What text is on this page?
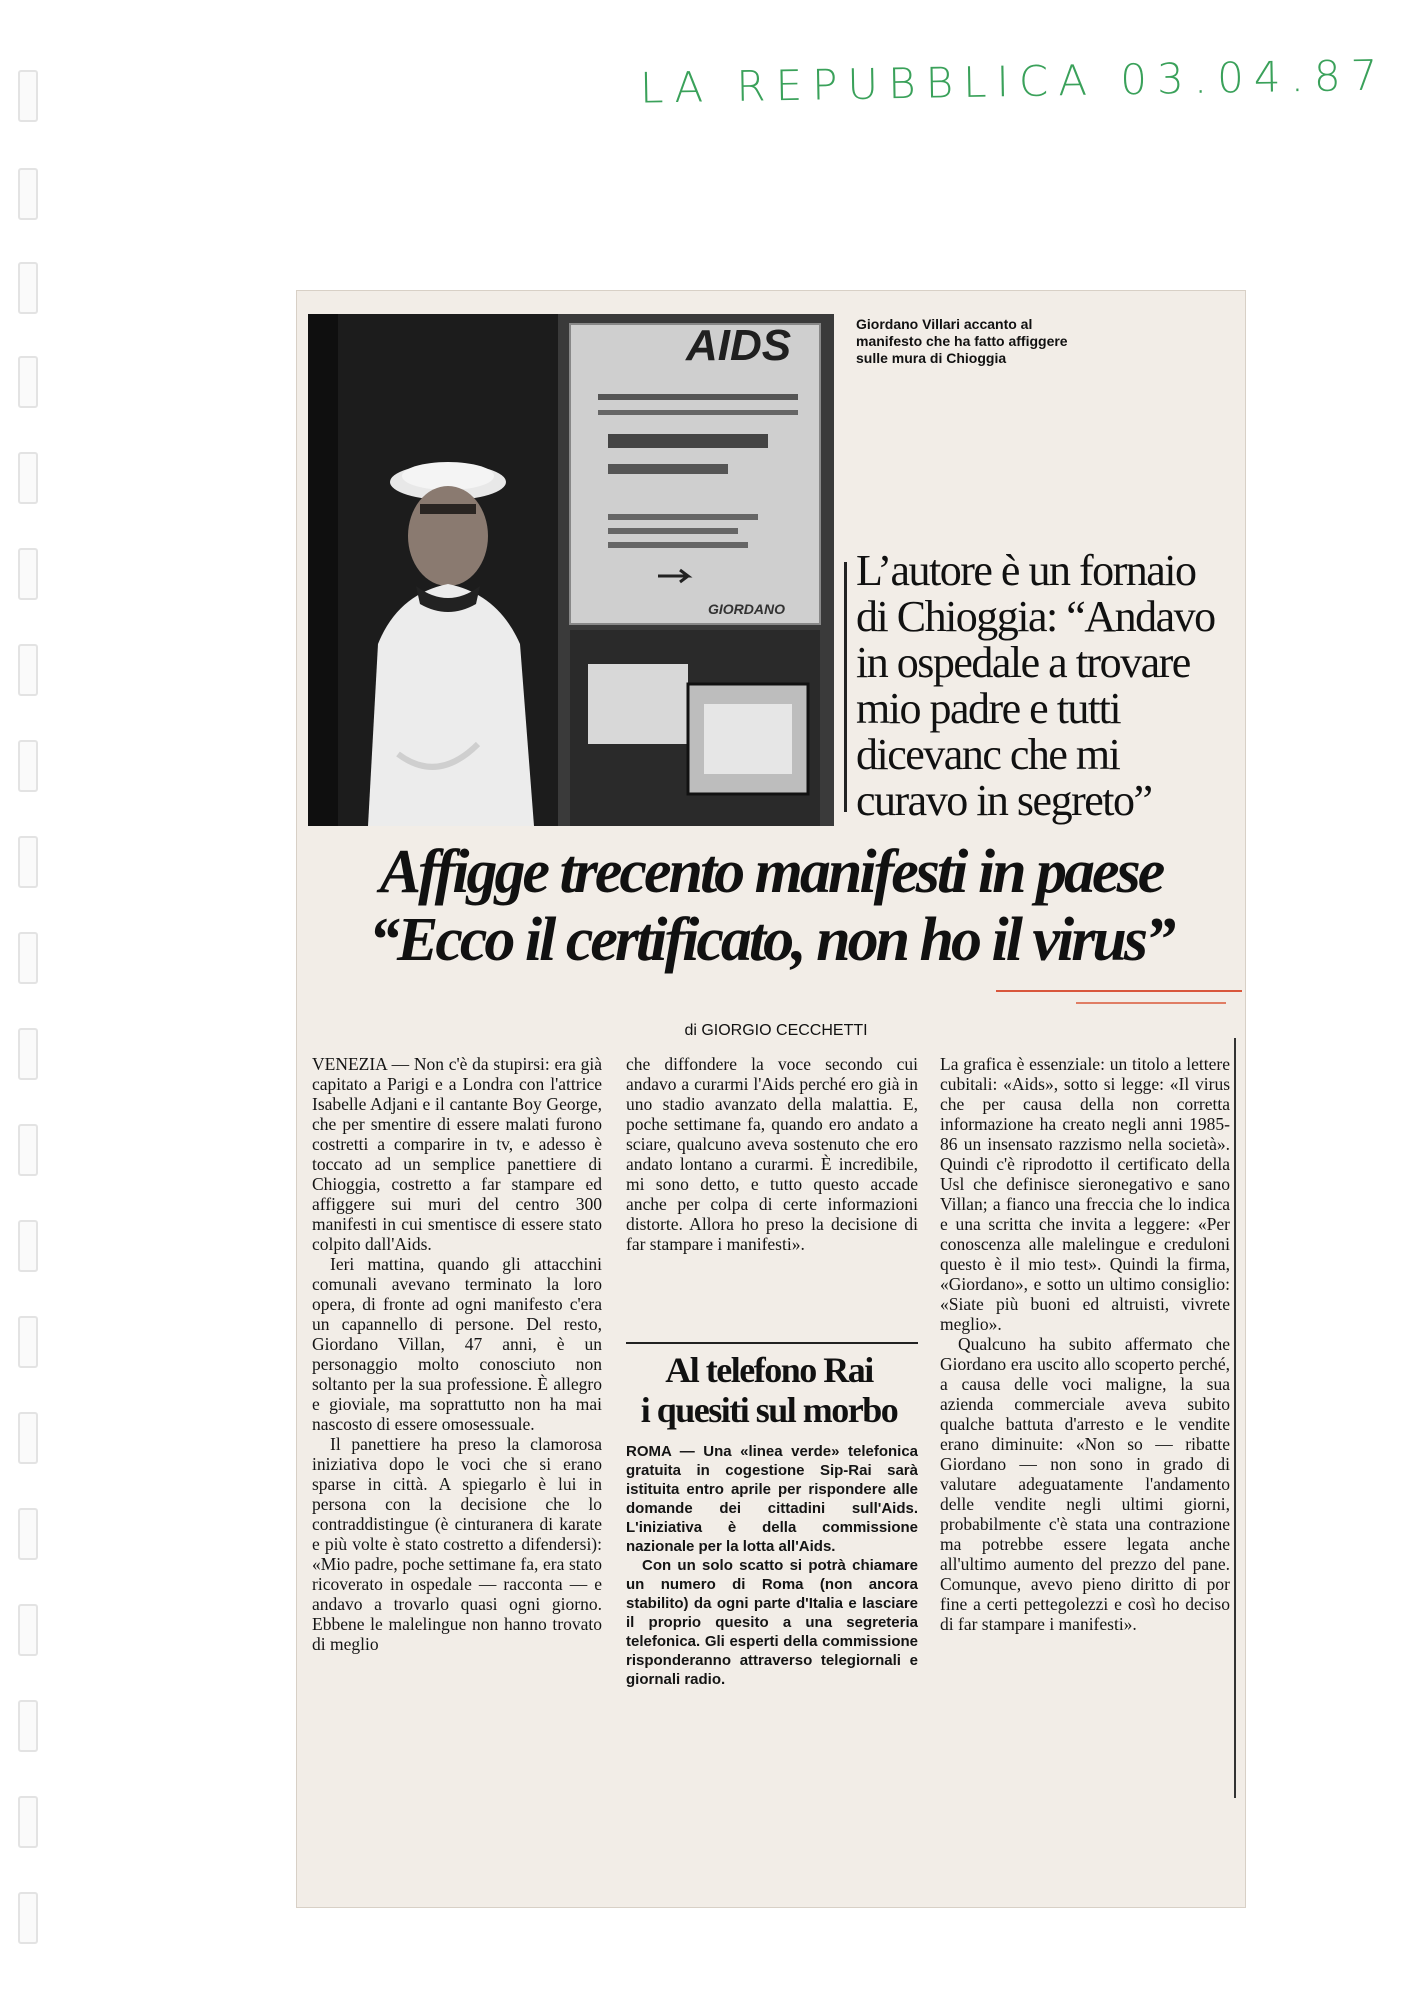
LA REPUBBLICA 03.04.87
AIDS
GIORDANO
Giordano Villari accanto al manifesto che ha fatto affiggere sulle mura di Chioggia
L’autore è un fornaio di Chioggia: “Andavo in ospedale a trovare mio padre e tutti dicevanc che mi curavo in segreto”
Affigge trecento manifesti in paese
“Ecco il certificato, non ho il virus”
di GIORGIO CECCHETTI

VENEZIA — Non c'è da stupirsi: era già capitato a Parigi e a Londra con l'attrice Isabelle Adjani e il cantante Boy George, che per smentire di essere malati furono costretti a comparire in tv, e adesso è toccato ad un semplice panettiere di Chioggia, costretto a far stampare ed affiggere sui muri del centro 300 manifesti in cui smentisce di essere stato colpito dall'Aids.

Ieri mattina, quando gli attacchini comunali avevano terminato la loro opera, di fronte ad ogni manifesto c'era un capannello di persone. Del resto, Giordano Villan, 47 anni, è un personaggio molto conosciuto non soltanto per la sua professione. È allegro e gioviale, ma soprattutto non ha mai nascosto di essere omosessuale.

Il panettiere ha preso la clamorosa iniziativa dopo le voci che si erano sparse in città. A spiegarlo è lui in persona con la decisione che lo contraddistingue (è cinturanera di karate e più volte è stato costretto a difendersi): «Mio padre, poche settimane fa, era stato ricoverato in ospedale — racconta — e andavo a trovarlo quasi ogni giorno. Ebbene le malelingue non hanno trovato di meglio

che diffondere la voce secondo cui andavo a curarmi l'Aids perché ero già in uno stadio avanzato della malattia. E, poche settimane fa, quando ero andato a sciare, qualcuno aveva sostenuto che ero andato lontano a curarmi. È incredibile, mi sono detto, e tutto questo accade anche per colpa di certe informazioni distorte. Allora ho preso la decisione di far stampare i manifesti».

Al telefono Rai
i quesiti sul morbo

ROMA — Una «linea verde» telefonica gratuita in cogestione Sip-Rai sarà istituita entro aprile per rispondere alle domande dei cittadini sull'Aids. L'iniziativa è della commissione nazionale per la lotta all'Aids.

Con un solo scatto si potrà chiamare un numero di Roma (non ancora stabilito) da ogni parte d'Italia e lasciare il proprio quesito a una segreteria telefonica. Gli esperti della commissione risponderanno attraverso telegiornali e giornali radio.

La grafica è essenziale: un titolo a lettere cubitali: «Aids», sotto si legge: «Il virus che per causa della non corretta informazione ha creato negli anni 1985-86 un insensato razzismo nella società». Quindi c'è riprodotto il certificato della Usl che definisce sieronegativo e sano Villan; a fianco una freccia che lo indica e una scritta che invita a leggere: «Per conoscenza alle malelingue e creduloni questo è il mio test». Quindi la firma, «Giordano», e sotto un ultimo consiglio: «Siate più buoni ed altruisti, vivrete meglio».

Qualcuno ha subito affermato che Giordano era uscito allo scoperto perché, a causa delle voci maligne, la sua azienda commerciale aveva subito qualche battuta d'arresto e le vendite erano diminuite: «Non so — ribatte Giordano — non sono in grado di valutare adeguatamente l'andamento delle vendite negli ultimi giorni, probabilmente c'è stata una contrazione ma potrebbe essere legata anche all'ultimo aumento del prezzo del pane. Comunque, avevo pieno diritto di por fine a certi pettegolezzi e così ho deciso di far stampare i manifesti».
